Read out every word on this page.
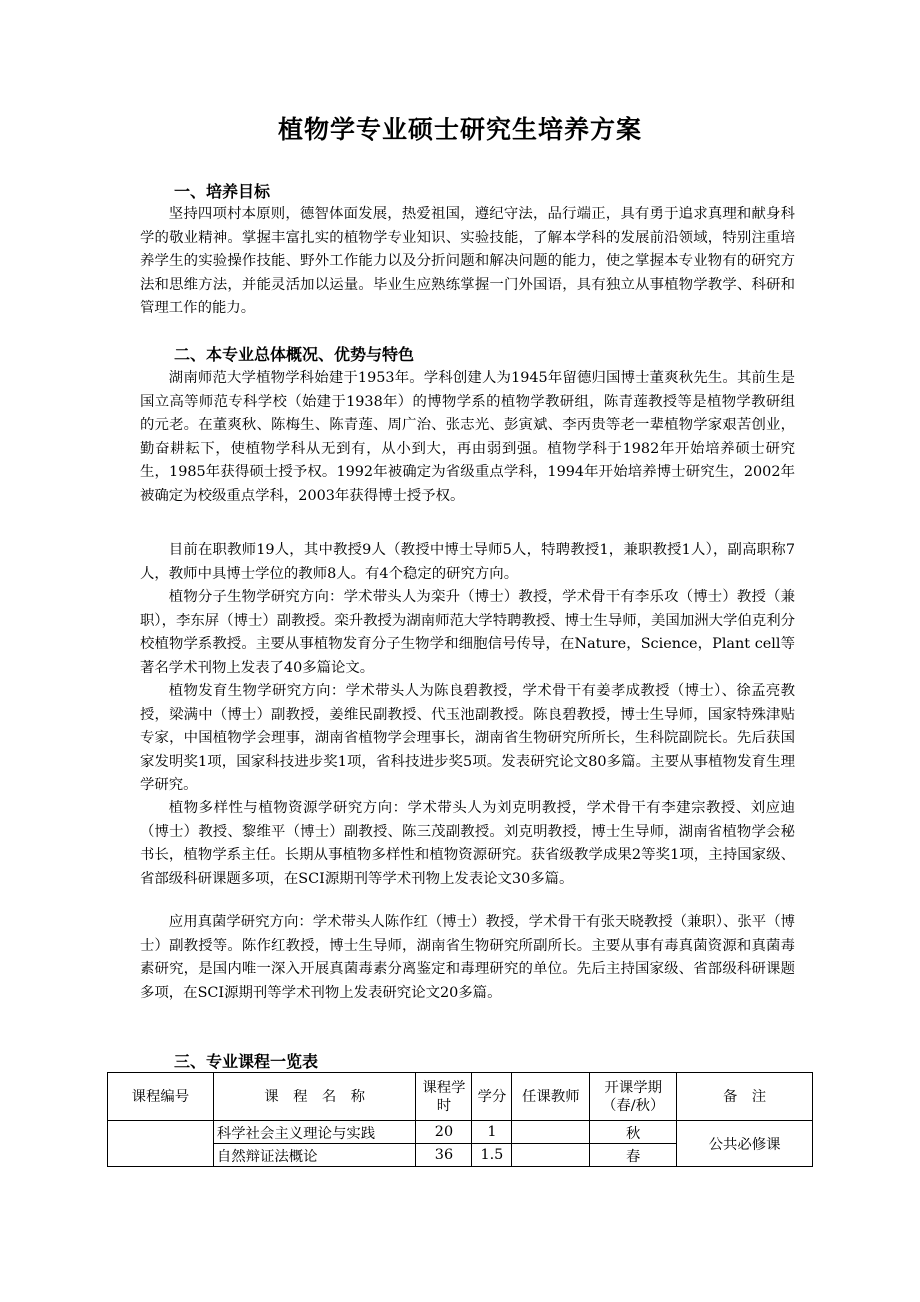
植物学专业硕士研究生培养方案
一、培养目标

坚持四项村本原则，德智体面发展，热爱祖国，遵纪守法，品行端正，具有勇于追求真理和献身科学的敬业精神。掌握丰富扎实的植物学专业知识、实验技能，了解本学科的发展前沿领域，特别注重培养学生的实验操作技能、野外工作能力以及分折问题和解决问题的能力，使之掌握本专业物有的研究方法和思维方法，并能灵活加以运量。毕业生应熟练掌握一门外国语，具有独立从事植物学教学、科研和管理工作的能力。

二、本专业总体概况、优势与特色

湖南师范大学植物学科始建于1953年。学科创建人为1945年留德归国博士董爽秋先生。其前生是国立高等师范专科学校（始建于1938年）的博物学系的植物学教研组，陈青莲教授等是植物学教研组的元老。在董爽秋、陈梅生、陈青莲、周广治、张志光、彭寅斌、李丙贵等老一辈植物学家艰苦创业，勤奋耕耘下，使植物学科从无到有，从小到大，再由弱到强。植物学科于1982年开始培养硕士研究生，1985年获得硕士授予权。1992年被确定为省级重点学科，1994年开始培养博士研究生，2002年被确定为校级重点学科，2003年获得博士授予权。

目前在职教师19人，其中教授9人（教授中博士导师5人，特聘教授1，兼职教授1人），副高职称7人，教师中具博士学位的教师8人。有4个稳定的研究方向。

植物分子生物学研究方向：学术带头人为栾升（博士）教授，学术骨干有李乐攻（博士）教授（兼职），李东屏（博士）副教授。栾升教授为湖南师范大学特聘教授、博士生导师，美国加洲大学伯克利分校植物学系教授。主要从事植物发育分子生物学和细胞信号传导，在Nature，Science，Plant cell等著名学术刊物上发表了40多篇论文。

植物发育生物学研究方向：学术带头人为陈良碧教授，学术骨干有姜孝成教授（博士）、徐孟亮教授，梁满中（博士）副教授，姜维民副教授、代玉池副教授。陈良碧教授，博士生导师，国家特殊津贴专家，中国植物学会理事，湖南省植物学会理事长，湖南省生物研究所所长，生科院副院长。先后获国家发明奖1项，国家科技进步奖1项，省科技进步奖5项。发表研究论文80多篇。主要从事植物发育生理学研究。

植物多样性与植物资源学研究方向：学术带头人为刘克明教授，学术骨干有李建宗教授、刘应迪（博士）教授、黎维平（博士）副教授、陈三茂副教授。刘克明教授，博士生导师，湖南省植物学会秘书长，植物学系主任。长期从事植物多样性和植物资源研究。获省级教学成果2等奖1项，主持国家级、省部级科研课题多项，在SCI源期刊等学术刊物上发表论文30多篇。

应用真菌学研究方向：学术带头人陈作红（博士）教授，学术骨干有张天晓教授（兼职）、张平（博士）副教授等。陈作红教授，博士生导师，湖南省生物研究所副所长。主要从事有毒真菌资源和真菌毒素研究，是国内唯一深入开展真菌毒素分离鉴定和毒理研究的单位。先后主持国家级、省部级科研课题多项，在SCI源期刊等学术刊物上发表研究论文20多篇。

三、专业课程一览表
课程编号	课　程　名　称	课程学时	学分	任课教师	开课学期（春/秋）	备　注
	科学社会主义理论与实践	20	1		秋	公共必修课
	自然辩证法概论	36	1.5		春	
